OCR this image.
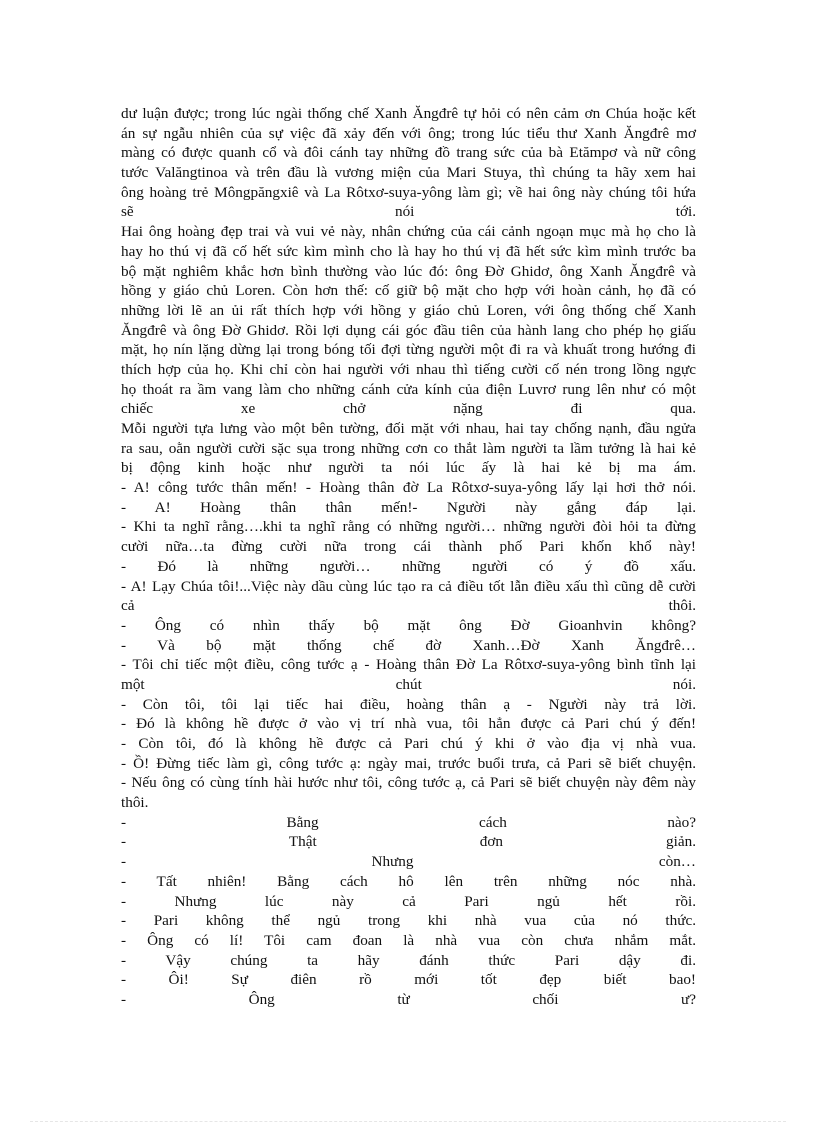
dư luận được; trong lúc ngài thống chế Xanh Ăngđrê tự hỏi có nên cảm ơn Chúa hoặc kết
án sự ngẫu nhiên của sự việc đã xảy đến với ông; trong lúc tiểu thư Xanh Ăngđrê mơ
màng có được quanh cổ và đôi cánh tay những đồ trang sức của bà Etămpơ và nữ công
tước Valăngtinoa và trên đầu là vương miện của Mari Stuya, thì chúng ta hãy xem hai
ông hoàng trẻ Môngpăngxiê và La Rôtxơ-suya-yông làm gì; về hai ông này chúng tôi hứa
sẽ nói tới.
Hai ông hoàng đẹp trai và vui vẻ này, nhân chứng của cái cảnh ngoạn mục mà họ cho là
hay ho thú vị đã cố hết sức kìm mình cho là hay ho thú vị đã hết sức kìm mình trước ba
bộ mặt nghiêm khắc hơn bình thường vào lúc đó: ông Đờ Ghidơ, ông Xanh Ăngđrê và
hồng y giáo chủ Loren. Còn hơn thế: cố giữ bộ mặt cho hợp với hoàn cảnh, họ đã có
những lời lẽ an ủi rất thích hợp với hồng y giáo chủ Loren, với ông thống chế Xanh
Ăngđrê và ông Đờ Ghidơ. Rồi lợi dụng cái góc đầu tiên của hành lang cho phép họ giấu
mặt, họ nín lặng dừng lại trong bóng tối đợi từng người một đi ra và khuất trong hướng đi
thích hợp của họ. Khi chỉ còn hai người với nhau thì tiếng cười cố nén trong lồng ngực
họ thoát ra ầm vang làm cho những cánh cửa kính của điện Luvrơ rung lên như có một
chiếc xe chở nặng đi qua.
Mỗi người tựa lưng vào một bên tường, đối mặt với nhau, hai tay chống nạnh, đầu ngửa
ra sau, oằn người cười sặc sụa trong những cơn co thắt làm người ta lầm tưởng là hai kẻ
bị động kinh hoặc như người ta nói lúc ấy là hai kẻ bị ma ám.
- A! công tước thân mến! - Hoàng thân đờ La Rôtxơ-suya-yông lấy lại hơi thở nói.
- A! Hoàng thân thân mến!- Người này gắng đáp lại.
- Khi ta nghĩ rằng….khi ta nghĩ rằng có những người… những người đòi hỏi ta đừng
cười nữa…ta đừng cười nữa trong cái thành phố Pari khốn khổ này!
- Đó là những người… những người có ý đồ xấu.
- A! Lạy Chúa tôi!...Việc này dầu cùng lúc tạo ra cả điều tốt lẫn điều xấu thì cũng dễ cười
cả thôi.
- Ông có nhìn thấy bộ mặt ông Đờ Gioanhvin không?
- Và bộ mặt thống chế đờ Xanh…Đờ Xanh Ăngđrê…
- Tôi chỉ tiếc một điều, công tước ạ - Hoàng thân Đờ La Rôtxơ-suya-yông bình tĩnh lại
một chút nói.
- Còn tôi, tôi lại tiếc hai điều, hoàng thân ạ - Người này trả lời.
- Đó là không hề được ở vào vị trí nhà vua, tôi hẳn được cả Pari chú ý đến!
- Còn tôi, đó là không hề được cả Pari chú ý khi ở vào địa vị nhà vua.
- Ồ! Đừng tiếc làm gì, công tước ạ: ngày mai, trước buổi trưa, cả Pari sẽ biết chuyện.
- Nếu ông có cùng tính hài hước như tôi, công tước ạ, cả Pari sẽ biết chuyện này đêm này
thôi.
- Bằng cách nào?
- Thật đơn giản.
- Nhưng còn…
- Tất nhiên! Bằng cách hô lên trên những nóc nhà.
- Nhưng lúc này cả Pari ngủ hết rồi.
- Pari không thể ngủ trong khi nhà vua của nó thức.
- Ông có lí! Tôi cam đoan là nhà vua còn chưa nhắm mắt.
- Vậy chúng ta hãy đánh thức Pari dậy đi.
- Ôi! Sự điên rồ mới tốt đẹp biết bao!
- Ông từ chối ư?
